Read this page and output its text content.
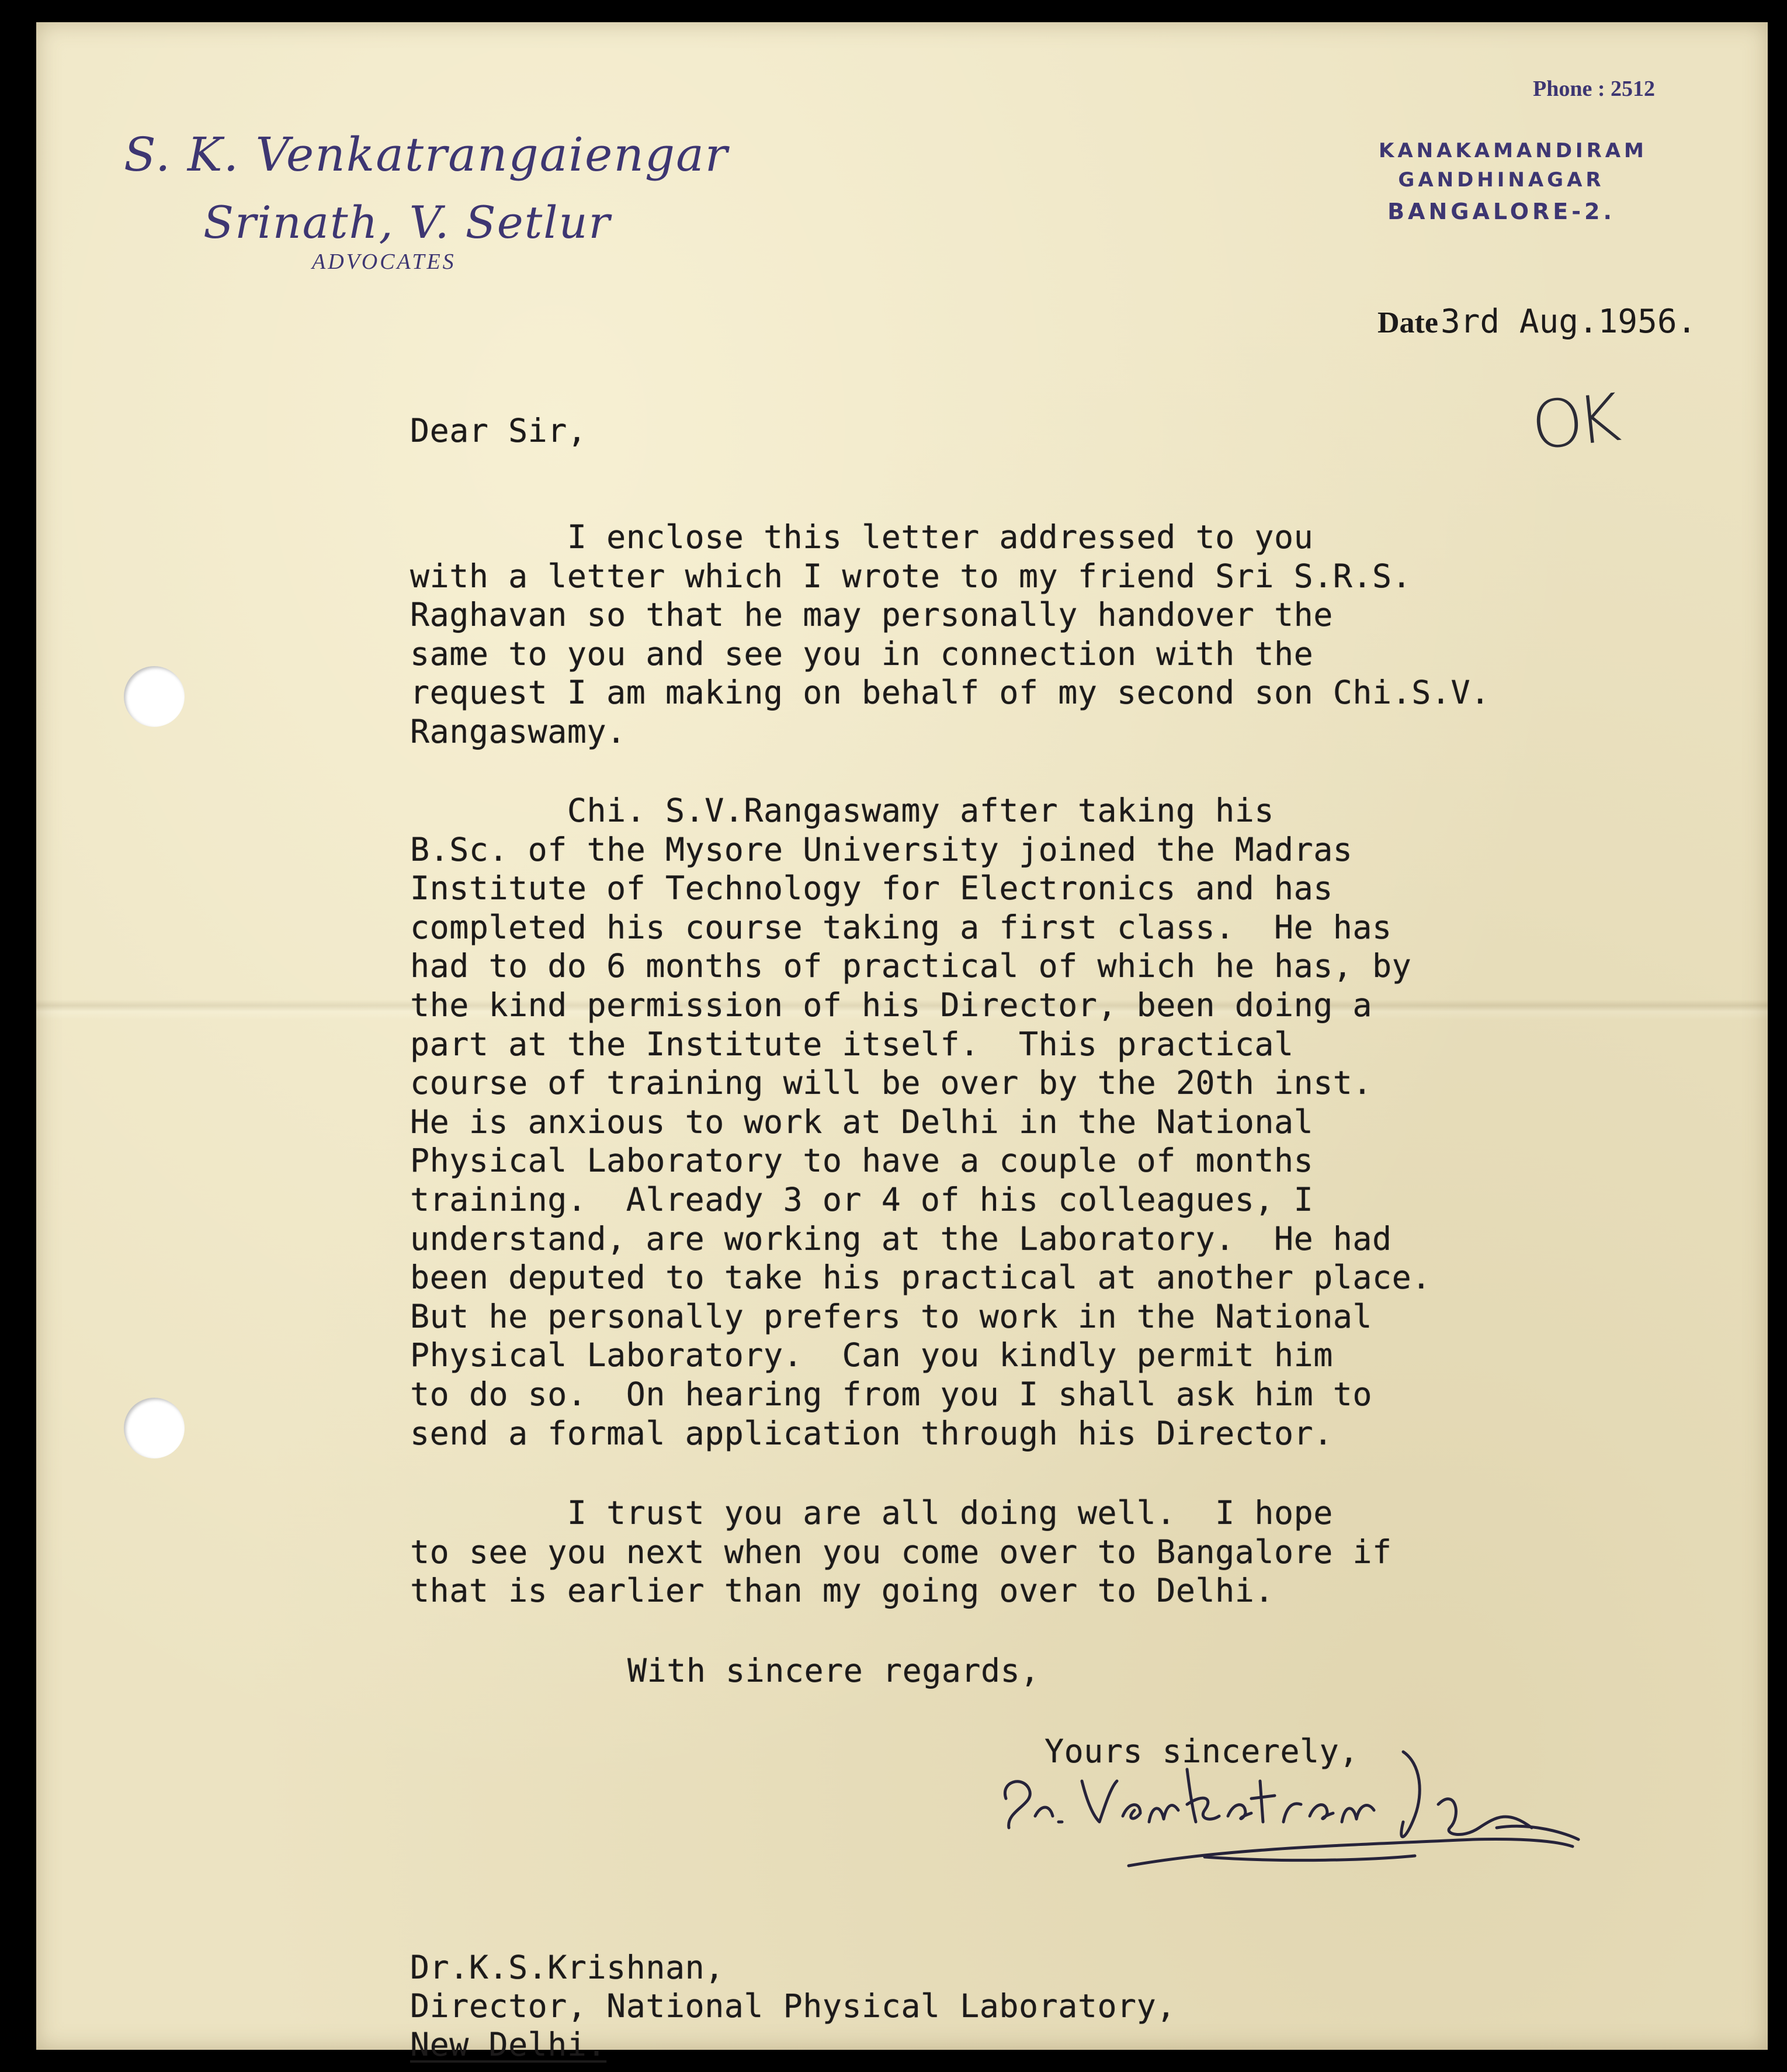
S. K. Venkatrangaiengar
Srinath, V. Setlur
ADVOCATES
Phone : 2512
KANAKAMANDIRAM
GANDHINAGAR
BANGALORE-2.
Date 3rd Aug.1956.
OK
Dear Sir,
I enclose this letter addressed to you
with a letter which I wrote to my friend Sri S.R.S.
Raghavan so that he may personally handover the
same to you and see you in connection with the
request I am making on behalf of my second son Chi.S.V.
Rangaswamy.
Chi. S.V.Rangaswamy after taking his
B.Sc. of the Mysore University joined the Madras
Institute of Technology for Electronics and has
completed his course taking a first class.  He has
had to do 6 months of practical of which he has, by
the kind permission of his Director, been doing a
part at the Institute itself.  This practical
course of training will be over by the 20th inst.
He is anxious to work at Delhi in the National
Physical Laboratory to have a couple of months
training.  Already 3 or 4 of his colleagues, I
understand, are working at the Laboratory.  He had
been deputed to take his practical at another place.
But he personally prefers to work in the National
Physical Laboratory.  Can you kindly permit him
to do so.  On hearing from you I shall ask him to
send a formal application through his Director.
I trust you are all doing well.  I hope
to see you next when you come over to Bangalore if
that is earlier than my going over to Delhi.
With sincere regards,
Yours sincerely,
Dr.K.S.Krishnan,
Director, National Physical Laboratory,
New Delhi.
